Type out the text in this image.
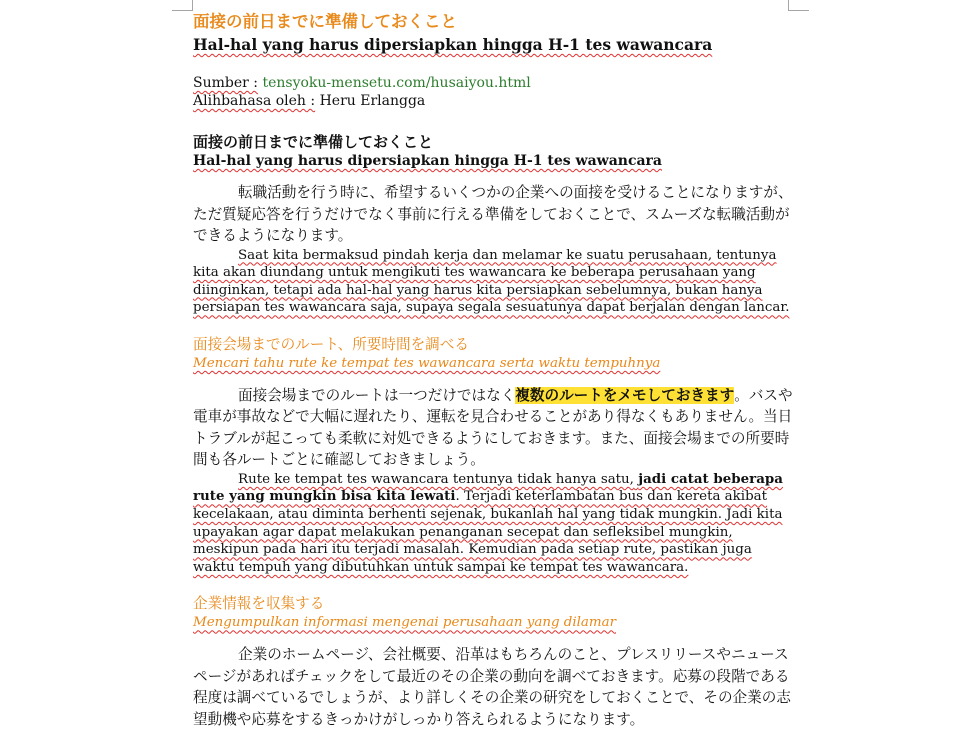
面接の前日までに準備しておくこと
Hal-hal yang harus dipersiapkan hingga H-1 tes wawancara
Sumber : tensyoku-mensetu.com/husaiyou.html
Alihbahasa oleh : Heru Erlangga
面接の前日までに準備しておくこと
Hal-hal yang harus dipersiapkan hingga H-1 tes wawancara
転職活動を行う時に、希望するいくつかの企業への面接を受けることになりますが、ただ質疑応答を行うだけでなく事前に行える準備をしておくことで、スムーズな転職活動ができるようになります。
Saat kita bermaksud pindah kerja dan melamar ke suatu perusahaan, tentunya kita akan diundang untuk mengikuti tes wawancara ke beberapa perusahaan yang diinginkan, tetapi ada hal-hal yang harus kita persiapkan sebelumnya, bukan hanya persiapan tes wawancara saja, supaya segala sesuatunya dapat berjalan dengan lancar.
面接会場までのルート、所要時間を調べる
Mencari tahu rute ke tempat tes wawancara serta waktu tempuhnya
面接会場までのルートは一つだけではなく複数のルートをメモしておきます。バスや電車が事故などで大幅に遅れたり、運転を見合わせることがあり得なくもありません。当日トラブルが起こっても柔軟に対処できるようにしておきます。また、面接会場までの所要時間も各ルートごとに確認しておきましょう。
Rute ke tempat tes wawancara tentunya tidak hanya satu, jadi catat beberapa rute yang mungkin bisa kita lewati. Terjadi keterlambatan bus dan kereta akibat kecelakaan, atau diminta berhenti sejenak, bukanlah hal yang tidak mungkin. Jadi kita upayakan agar dapat melakukan penanganan secepat dan sefleksibel mungkin, meskipun pada hari itu terjadi masalah. Kemudian pada setiap rute, pastikan juga waktu tempuh yang dibutuhkan untuk sampai ke tempat tes wawancara.
企業情報を収集する
Mengumpulkan informasi mengenai perusahaan yang dilamar
企業のホームページ、会社概要、沿革はもちろんのこと、プレスリリースやニュースページがあればチェックをして最近のその企業の動向を調べておきます。応募の段階である程度は調べているでしょうが、より詳しくその企業の研究をしておくことで、その企業の志望動機や応募をするきっかけがしっかり答えられるようになります。
